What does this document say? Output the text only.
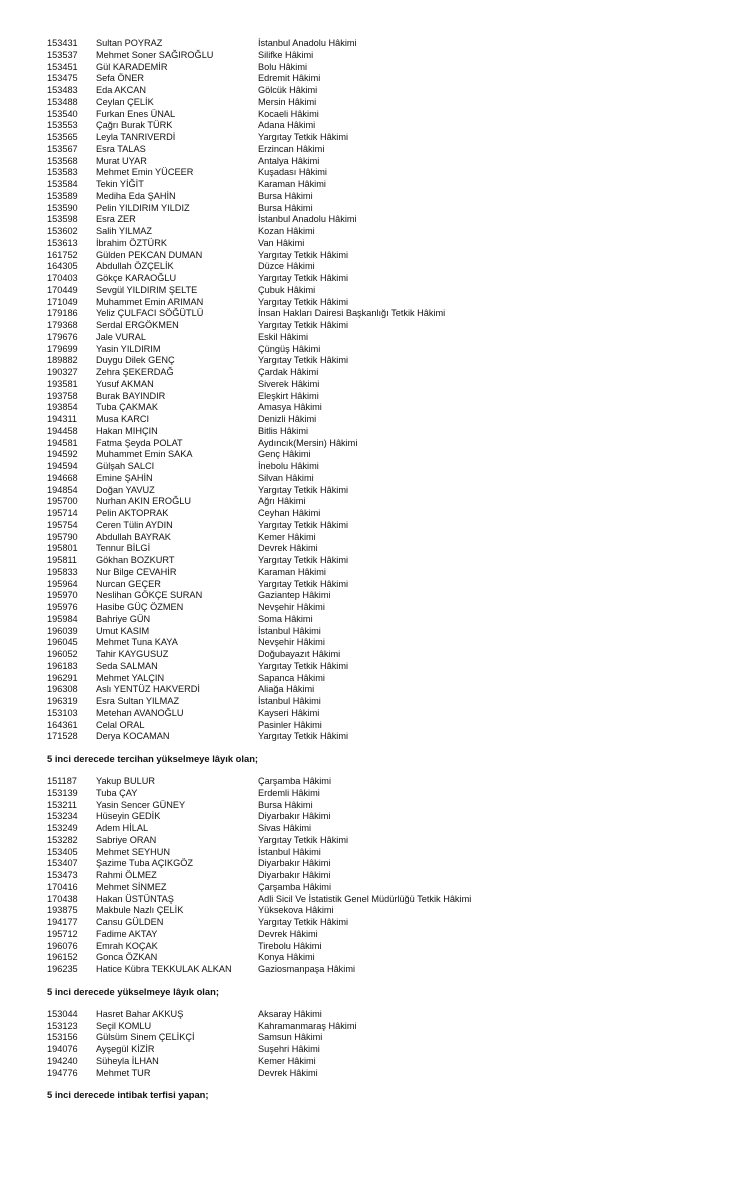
153431 Sultan POYRAZ	İstanbul Anadolu Hâkimi
153537 Mehmet Soner SAĞIROĞLU	Silifke Hâkimi
153451 Gül KARADEMİR	Bolu Hâkimi
153475 Sefa ÖNER	Edremit Hâkimi
153483 Eda AKCAN	Gölcük Hâkimi
153488 Ceylan ÇELİK	Mersin Hâkimi
153540 Furkan Enes ÜNAL	Kocaeli Hâkimi
153553 Çağrı Burak TÜRK	Adana Hâkimi
153565 Leyla TANRIVERDİ	Yargıtay Tetkik Hâkimi
153567 Esra TALAS	Erzincan Hâkimi
153568 Murat UYAR	Antalya Hâkimi
153583 Mehmet Emin YÜCEER	Kuşadası Hâkimi
153584 Tekin YİĞİT	Karaman Hâkimi
153589 Mediha Eda ŞAHİN	Bursa Hâkimi
153590 Pelin YILDIRIM YILDIZ	Bursa Hâkimi
153598 Esra ZER	İstanbul Anadolu Hâkimi
153602 Salih YILMAZ	Kozan Hâkimi
153613 İbrahim ÖZTÜRK	Van Hâkimi
161752 Gülden PEKCAN DUMAN	Yargıtay Tetkik Hâkimi
164305 Abdullah ÖZÇELİK	Düzce Hâkimi
170403 Gökçe KARAOĞLU	Yargıtay Tetkik Hâkimi
170449 Sevgül YILDIRIM ŞELTE	Çubuk Hâkimi
171049 Muhammet Emin ARIMAN	Yargıtay Tetkik Hâkimi
179186 Yeliz ÇULFACI SÖĞÜTLÜ	İnsan Hakları Dairesi Başkanlığı Tetkik Hâkimi
179368 Serdal ERGÖKMEN	Yargıtay Tetkik Hâkimi
179676 Jale VURAL	Eskil Hâkimi
179699 Yasin YILDIRIM	Çüngüş Hâkimi
189882 Duygu Dilek GENÇ	Yargıtay Tetkik Hâkimi
190327 Zehra ŞEKERDAĞ	Çardak Hâkimi
193581 Yusuf AKMAN	Siverek Hâkimi
193758 Burak BAYINDIR	Eleşkirt Hâkimi
193854 Tuba ÇAKMAK	Amasya Hâkimi
194311 Musa KARCI	Denizli Hâkimi
194458 Hakan MIHÇIN	Bitlis Hâkimi
194581 Fatma Şeyda POLAT	Aydıncık(Mersin) Hâkimi
194592 Muhammet Emin SAKA	Genç Hâkimi
194594 Gülşah SALCI	İnebolu Hâkimi
194668 Emine ŞAHİN	Silvan Hâkimi
194854 Doğan YAVUZ	Yargıtay Tetkik Hâkimi
195700 Nurhan AKIN EROĞLU	Ağrı Hâkimi
195714 Pelin AKTOPRAK	Ceyhan Hâkimi
195754 Ceren Tülin AYDIN	Yargıtay Tetkik Hâkimi
195790 Abdullah BAYRAK	Kemer Hâkimi
195801 Tennur BİLGİ	Devrek Hâkimi
195811 Gökhan BOZKURT	Yargıtay Tetkik Hâkimi
195833 Nur Bilge CEVAHİR	Karaman Hâkimi
195964 Nurcan GEÇER	Yargıtay Tetkik Hâkimi
195970 Neslihan GÖKÇE SURAN	Gaziantep Hâkimi
195976 Hasibe GÜÇ ÖZMEN	Nevşehir Hâkimi
195984 Bahriye GÜN	Soma Hâkimi
196039 Umut KASIM	İstanbul Hâkimi
196045 Mehmet Tuna KAYA	Nevşehir Hâkimi
196052 Tahir KAYGUSUZ	Doğubayazıt Hâkimi
196183 Seda SALMAN	Yargıtay Tetkik Hâkimi
196291 Mehmet YALÇIN	Sapanca Hâkimi
196308 Aslı YENTÜZ HAKVERDİ	Aliağa Hâkimi
196319 Esra Sultan YILMAZ	İstanbul Hâkimi
153103 Metehan AVANOĞLU	Kayseri Hâkimi
164361 Celal ORAL	Pasinler Hâkimi
171528 Derya KOCAMAN	Yargıtay Tetkik Hâkimi
5 inci derecede tercihan yükselmeye lâyık olan;
151187 Yakup BULUR	Çarşamba Hâkimi
153139 Tuba ÇAY	Erdemli Hâkimi
153211 Yasin Sencer GÜNEY	Bursa Hâkimi
153234 Hüseyin GEDİK	Diyarbakır Hâkimi
153249 Adem HİLAL	Sivas Hâkimi
153282 Sabriye ORAN	Yargıtay Tetkik Hâkimi
153405 Mehmet SEYHUN	İstanbul Hâkimi
153407 Şazime Tuba AÇIKGÖZ	Diyarbakır Hâkimi
153473 Rahmi ÖLMEZ	Diyarbakır Hâkimi
170416 Mehmet SİNMEZ	Çarşamba Hâkimi
170438 Hakan ÜSTÜNTAŞ	Adli Sicil Ve İstatistik Genel Müdürlüğü Tetkik Hâkimi
193875 Makbule Nazlı ÇELİK	Yüksekova Hâkimi
194177 Cansu GÜLDEN	Yargıtay Tetkik Hâkimi
195712 Fadime AKTAY	Devrek Hâkimi
196076 Emrah KOÇAK	Tirebolu Hâkimi
196152 Gonca ÖZKAN	Konya Hâkimi
196235 Hatice Kübra TEKKULAK ALKAN	Gaziosmanpaşa Hâkimi
5 inci derecede yükselmeye lâyık olan;
153044 Hasret Bahar AKKUŞ	Aksaray Hâkimi
153123 Seçil KOMLU	Kahramanmaraş Hâkimi
153156 Gülsüm Sinem ÇELİKÇİ	Samsun Hâkimi
194076 Ayşegül KİZİR	Suşehri Hâkimi
194240 Süheyla İLHAN	Kemer Hâkimi
194776 Mehmet TUR	Devrek Hâkimi
5 inci derecede intibak terfisi yapan;
